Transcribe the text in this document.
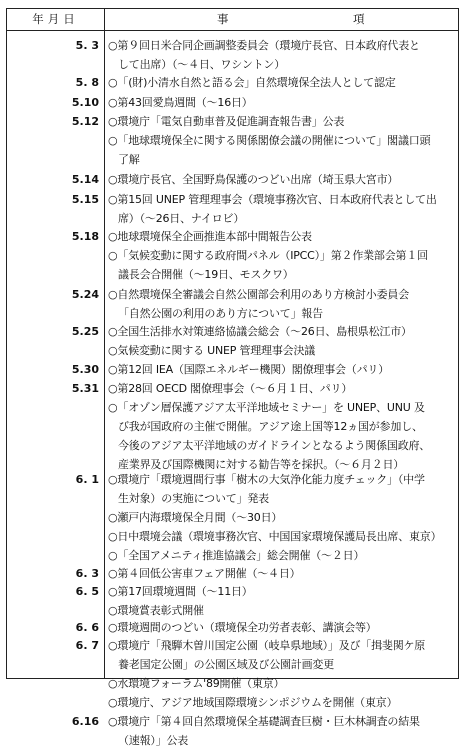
年月日	事	項
5. 3 ○第９回日米合同企画調整委員会（環境庁長官、日本政府代表と
して出席）（〜４日、ワシントン）
5. 8 ○「(財)小清水自然と語る会」自然環境保全法人として認定
5.10 ○第43回愛鳥週間（〜16日）
5.12 ○環境庁「電気自動車普及促進調査報告書」公表
○「地球環境保全に関する関係閣僚会議の開催について」閣議口頭
了解
5.14 ○環境庁長官、全国野鳥保護のつどい出席（埼玉県大宮市）
5.15 ○第15回 UNEP 管理理事会（環境事務次官、日本政府代表として出
席）（〜26日、ナイロビ）
5.18 ○地球環境保全企画推進本部中間報告公表
○「気候変動に関する政府間パネル（IPCC）」第２作業部会第１回
議長会合開催（〜19日、モスクワ）
5.24 ○自然環境保全審議会自然公園部会利用のあり方検討小委員会
「自然公園の利用のあり方について」報告
5.25 ○全国生活排水対策連絡協議会総会（〜26日、島根県松江市）
○気候変動に関する UNEP 管理理事会決議
5.30 ○第12回 IEA（国際エネルギー機関）閣僚理事会（パリ）
5.31 ○第28回 OECD 閣僚理事会（〜６月１日、パリ）
○「オゾン層保護アジア太平洋地域セミナー」を UNEP、UNU 及
び我が国政府の主催で開催。アジア途上国等12ヵ国が参加し、
今後のアジア太平洋地域のガイドラインとなるよう関係国政府、
産業界及び国際機関に対する勧告等を採択。（〜６月２日）
6. 1 ○環境庁「環境週間行事「樹木の大気浄化能力度チェック」（中学
生対象）の実施について」発表
○瀬戸内海環境保全月間（〜30日）
○日中環境会議（環境事務次官、中国国家環境保護局長出席、東京）
○「全国アメニティ推進協議会」総会開催（〜２日）
6. 3 ○第４回低公害車フェア開催（〜４日）
6. 5 ○第17回環境週間（〜11日）
○環境賞表彰式開催
6. 6 ○環境週間のつどい（環境保全功労者表彰、講演会等）
6. 7 ○環境庁「飛騨木曽川国定公園（岐阜県地域）」及び「揖斐関ケ原
養老国定公園」の公園区域及び公園計画変更
○水環境フォーラム'89開催（東京）
○環境庁、アジア地域国際環境シンポジウムを開催（東京）
6.16 ○環境庁「第４回自然環境保全基礎調査巨樹・巨木林調査の結果
（速報）」公表
